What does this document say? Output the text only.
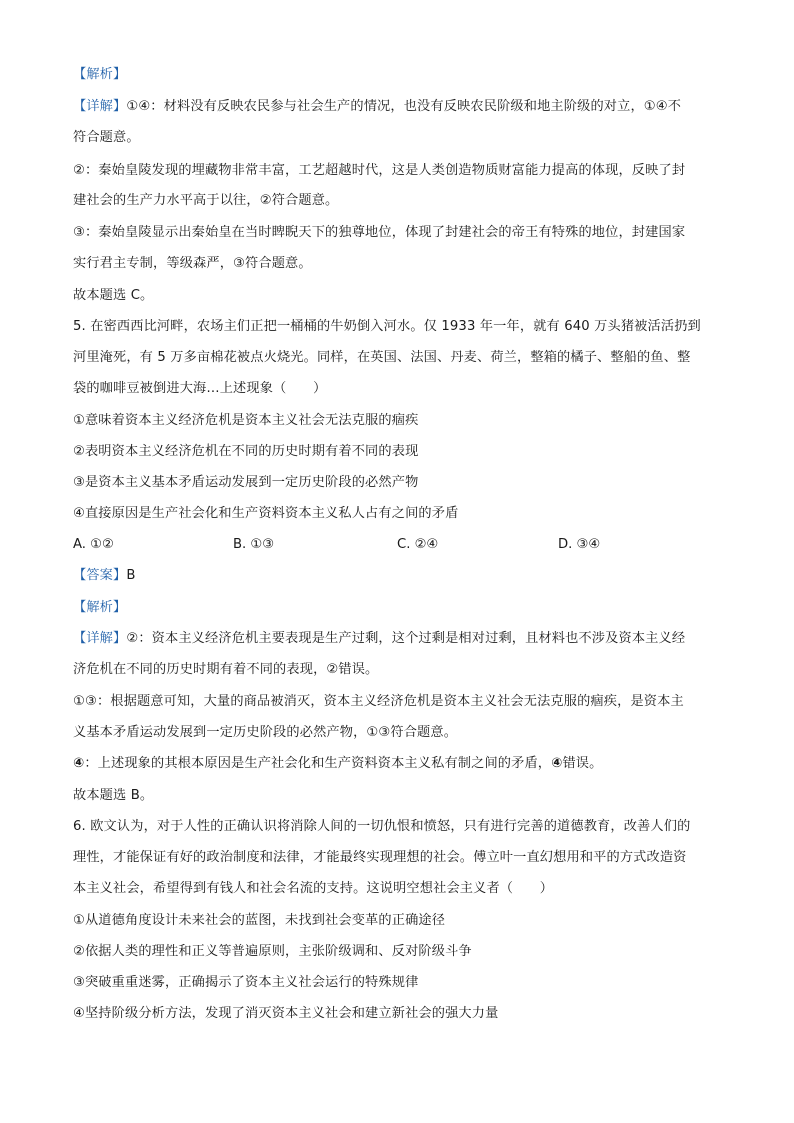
【解析】
【详解】①④：材料没有反映农民参与社会生产的情况，也没有反映农民阶级和地主阶级的对立，①④不
符合题意。
②：秦始皇陵发现的埋藏物非常丰富，工艺超越时代，这是人类创造物质财富能力提高的体现，反映了封
建社会的生产力水平高于以往，②符合题意。
③：秦始皇陵显示出秦始皇在当时睥睨天下的独尊地位，体现了封建社会的帝王有特殊的地位，封建国家
实行君主专制，等级森严，③符合题意。
故本题选 C。
5. 在密西西比河畔，农场主们正把一桶桶的牛奶倒入河水。仅 1933 年一年，就有 640 万头猪被活活扔到
河里淹死，有 5 万多亩棉花被点火烧光。同样，在英国、法国、丹麦、荷兰，整箱的橘子、整船的鱼、整
袋的咖啡豆被倒进大海…上述现象（　　）
①意味着资本主义经济危机是资本主义社会无法克服的痼疾
②表明资本主义经济危机在不同的历史时期有着不同的表现
③是资本主义基本矛盾运动发展到一定历史阶段的必然产物
④直接原因是生产社会化和生产资料资本主义私人占有之间的矛盾
A. ①②	B. ①③	C. ②④	D. ③④
【答案】B
【解析】
【详解】②：资本主义经济危机主要表现是生产过剩，这个过剩是相对过剩，且材料也不涉及资本主义经
济危机在不同的历史时期有着不同的表现，②错误。
①③：根据题意可知，大量的商品被消灭，资本主义经济危机是资本主义社会无法克服的痼疾，是资本主
义基本矛盾运动发展到一定历史阶段的必然产物，①③符合题意。
④：上述现象的其根本原因是生产社会化和生产资料资本主义私有制之间的矛盾，④错误。
故本题选 B。
6. 欧文认为，对于人性的正确认识将消除人间的一切仇恨和愤怒，只有进行完善的道德教育，改善人们的
理性，才能保证有好的政治制度和法律，才能最终实现理想的社会。傅立叶一直幻想用和平的方式改造资
本主义社会，希望得到有钱人和社会名流的支持。这说明空想社会主义者（　　）
①从道德角度设计未来社会的蓝图，未找到社会变革的正确途径
②依据人类的理性和正义等普遍原则，主张阶级调和、反对阶级斗争
③突破重重迷雾，正确揭示了资本主义社会运行的特殊规律
④坚持阶级分析方法，发现了消灭资本主义社会和建立新社会的强大力量
